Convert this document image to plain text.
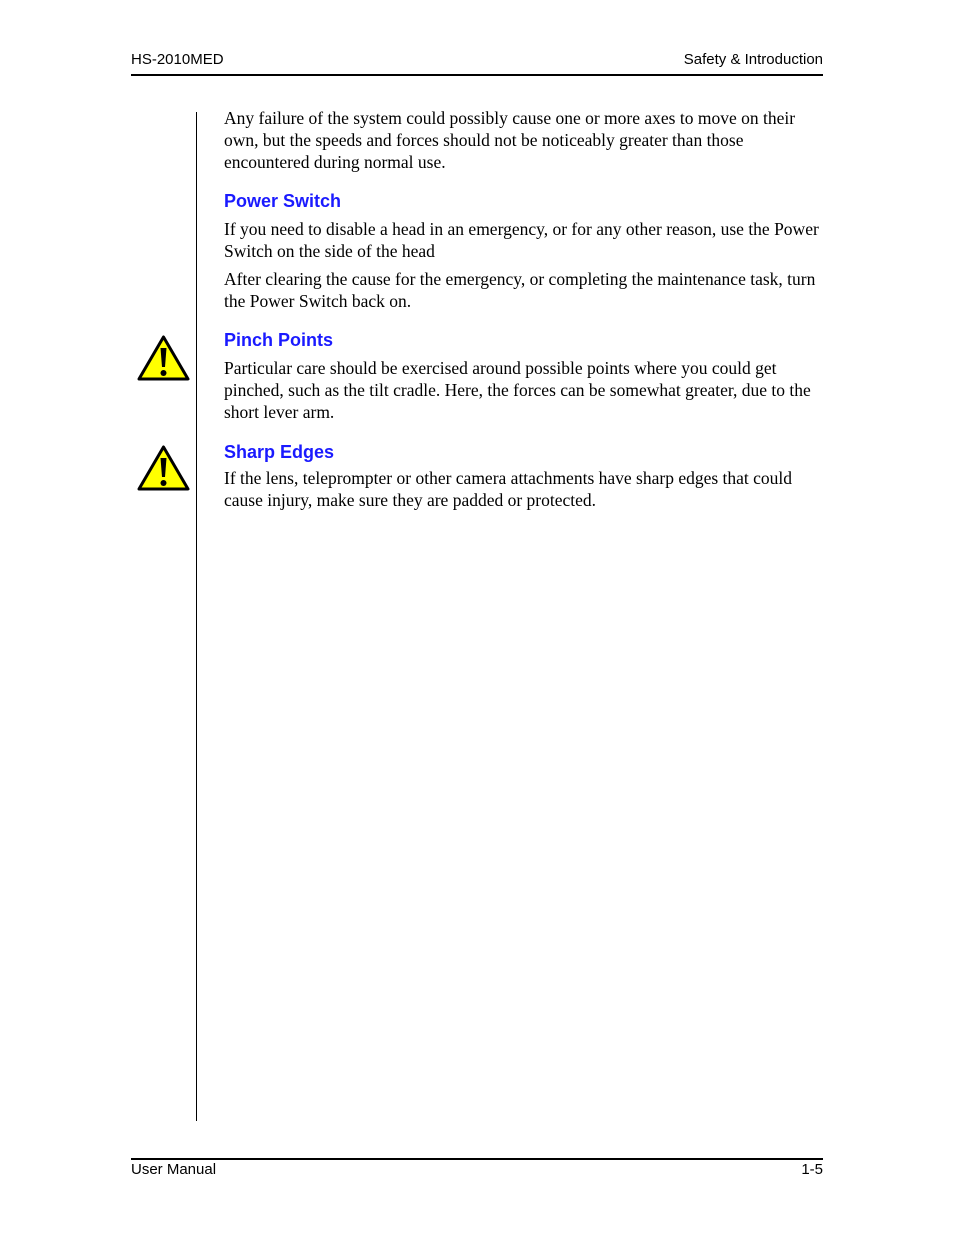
HS-2010MED	Safety & Introduction

Any failure of the system could possibly cause one or more axes to move on their own, but the speeds and forces should not be noticeably greater than those encountered during normal use.

Power Switch

If you need to disable a head in an emergency, or for any other reason, use the Power Switch on the side of the head

After clearing the cause for the emergency, or completing the maintenance task, turn the Power Switch back on.

Pinch Points

Particular care should be exercised around possible points where you could get pinched, such as the tilt cradle. Here, the forces can be somewhat greater, due to the short lever arm.

Sharp Edges

If the lens, teleprompter or other camera attachments have sharp edges that could cause injury, make sure they are padded or protected.

User Manual	1-5
